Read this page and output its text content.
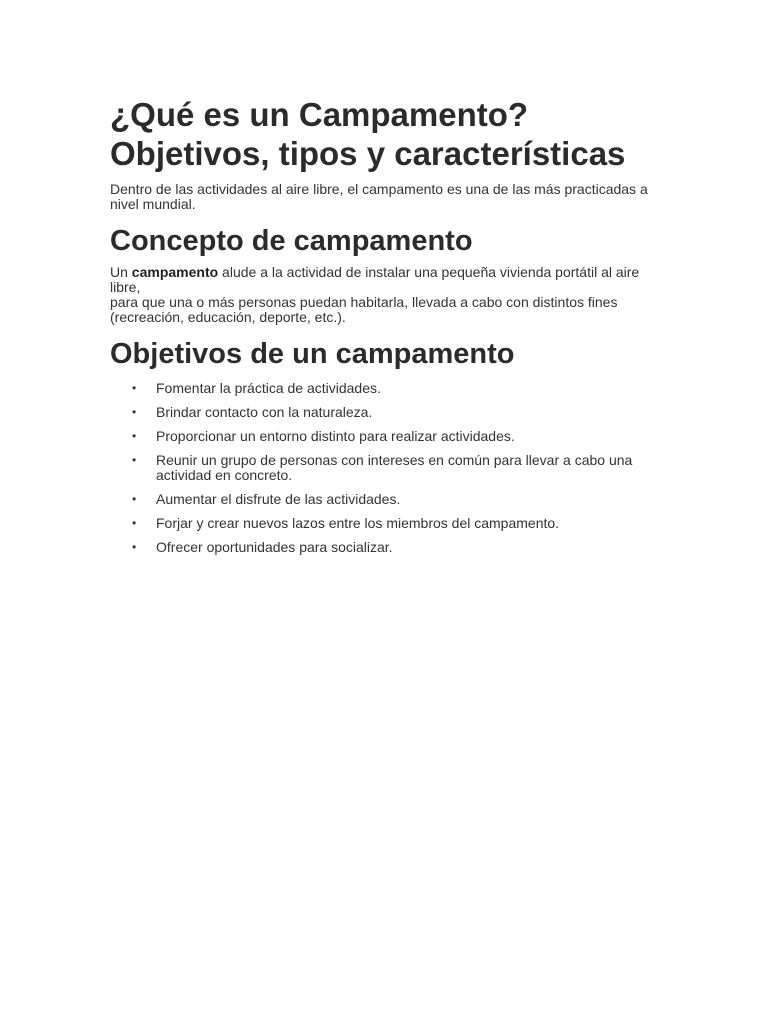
¿Qué es un Campamento?
Objetivos, tipos y características

Dentro de las actividades al aire libre, el campamento es una de las más practicadas a
nivel mundial.

Concepto de campamento

Un campamento alude a la actividad de instalar una pequeña vivienda portátil al aire libre,
para que una o más personas puedan habitarla, llevada a cabo con distintos fines
(recreación, educación, deporte, etc.).

Objetivos de un campamento
• Fomentar la práctica de actividades.
• Brindar contacto con la naturaleza.
• Proporcionar un entorno distinto para realizar actividades.
• Reunir un grupo de personas con intereses en común para llevar a cabo una
actividad en concreto.
• Aumentar el disfrute de las actividades.
• Forjar y crear nuevos lazos entre los miembros del campamento.
• Ofrecer oportunidades para socializar.
